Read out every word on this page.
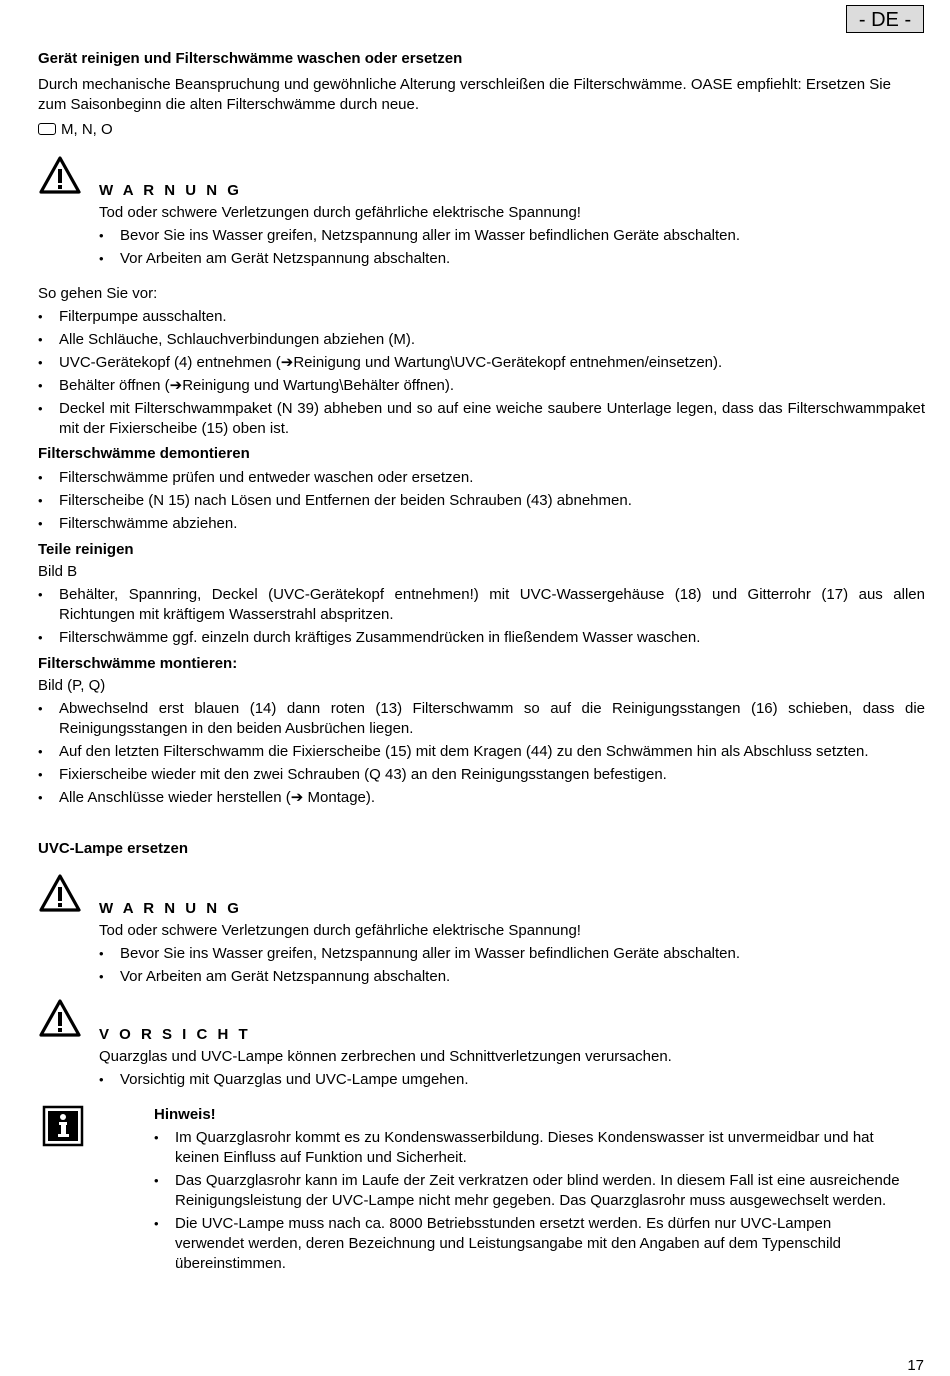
- DE -
Gerät reinigen und Filterschwämme waschen oder ersetzen
Durch mechanische Beanspruchung und gewöhnliche Alterung verschleißen die Filterschwämme. OASE empfiehlt: Ersetzen Sie zum Saisonbeginn die alten Filterschwämme durch neue.
M, N, O
W A R N U N G
Tod oder schwere Verletzungen durch gefährliche elektrische Spannung!
• Bevor Sie ins Wasser greifen, Netzspannung aller im Wasser befindlichen Geräte abschalten.
• Vor Arbeiten am Gerät Netzspannung abschalten.
So gehen Sie vor:
• Filterpumpe ausschalten.
• Alle Schläuche, Schlauchverbindungen abziehen (M).
• UVC-Gerätekopf (4) entnehmen (➔Reinigung und Wartung\UVC-Gerätekopf entnehmen/einsetzen).
• Behälter öffnen (➔Reinigung und Wartung\Behälter öffnen).
• Deckel mit Filterschwammpaket (N 39) abheben und so auf eine weiche saubere Unterlage legen, dass das Filterschwammpaket mit der Fixierscheibe (15) oben ist.
Filterschwämme demontieren
• Filterschwämme prüfen und entweder waschen oder ersetzen.
• Filterscheibe (N 15) nach Lösen und Entfernen der beiden Schrauben (43) abnehmen.
• Filterschwämme abziehen.
Teile reinigen
Bild B
• Behälter, Spannring, Deckel (UVC-Gerätekopf entnehmen!) mit UVC-Wassergehäuse (18) und Gitterrohr (17) aus allen Richtungen mit kräftigem Wasserstrahl abspritzen.
• Filterschwämme ggf. einzeln durch kräftiges Zusammendrücken in fließendem Wasser waschen.
Filterschwämme montieren:
Bild (P, Q)
• Abwechselnd erst blauen (14) dann roten (13) Filterschwamm so auf die Reinigungsstangen (16) schieben, dass die Reinigungsstangen in den beiden Ausbrüchen liegen.
• Auf den letzten Filterschwamm die Fixierscheibe (15) mit dem Kragen (44) zu den Schwämmen hin als Abschluss setzten.
• Fixierscheibe wieder mit den zwei Schrauben (Q 43) an den Reinigungsstangen befestigen.
• Alle Anschlüsse wieder herstellen (➔ Montage).
UVC-Lampe ersetzen
W A R N U N G
Tod oder schwere Verletzungen durch gefährliche elektrische Spannung!
• Bevor Sie ins Wasser greifen, Netzspannung aller im Wasser befindlichen Geräte abschalten.
• Vor Arbeiten am Gerät Netzspannung abschalten.
V O R S I C H T
Quarzglas und UVC-Lampe können zerbrechen und Schnittverletzungen verursachen.
• Vorsichtig mit Quarzglas und UVC-Lampe umgehen.
Hinweis!
• Im Quarzglasrohr kommt es zu Kondenswasserbildung. Dieses Kondenswasser ist unvermeidbar und hat keinen Einfluss auf Funktion und Sicherheit.
• Das Quarzglasrohr kann im Laufe der Zeit verkratzen oder blind werden. In diesem Fall ist eine ausreichende Reinigungsleistung der UVC-Lampe nicht mehr gegeben. Das Quarzglasrohr muss ausgewechselt werden.
• Die UVC-Lampe muss nach ca. 8000 Betriebsstunden ersetzt werden. Es dürfen nur UVC-Lampen verwendet werden, deren Bezeichnung und Leistungsangabe mit den Angaben auf dem Typenschild übereinstimmen.
17
